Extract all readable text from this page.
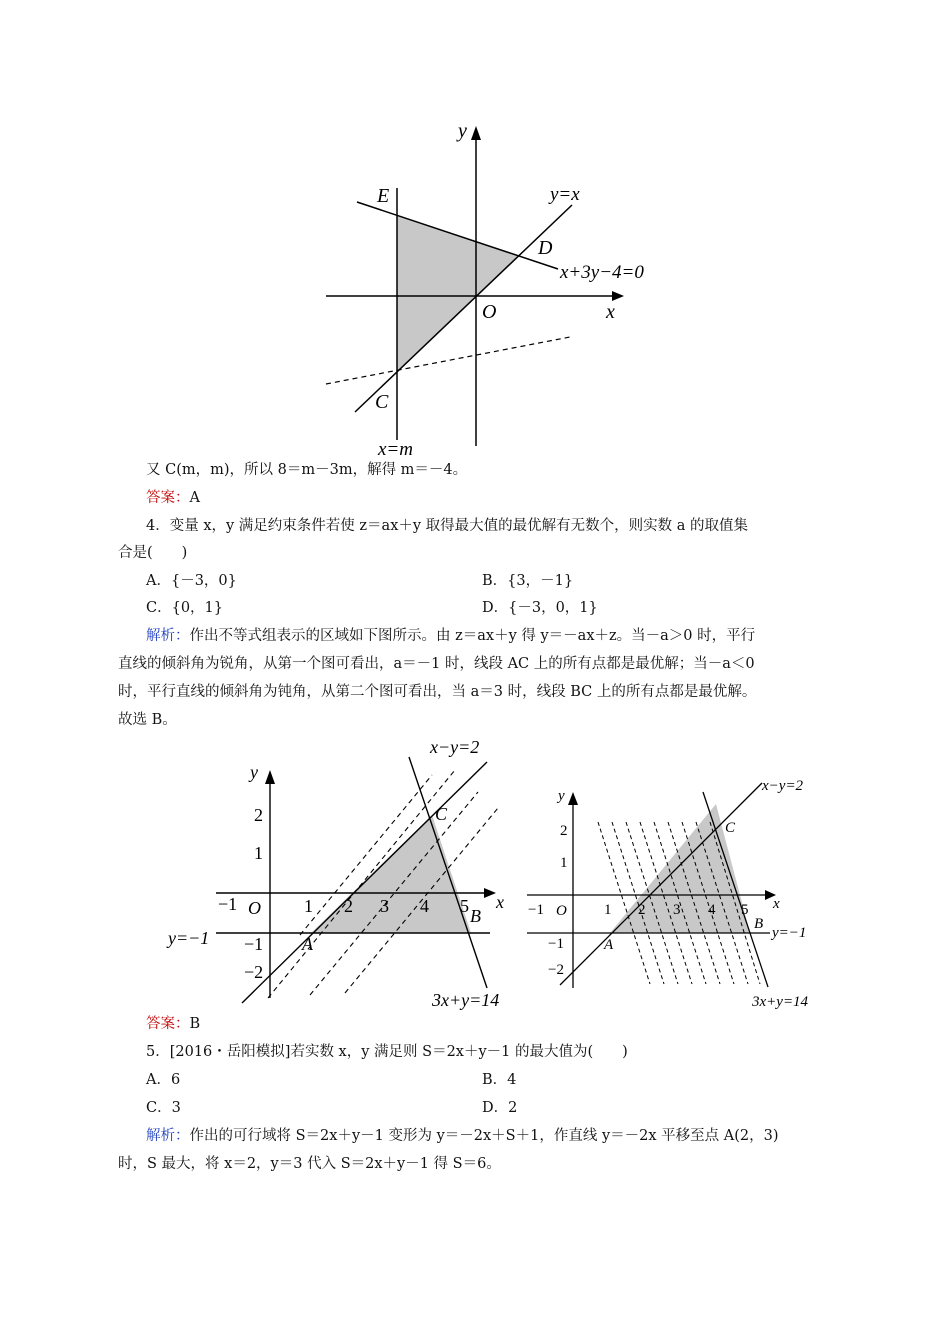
y
x
O
E
D
C
y=x
x+3y−4=0
x=m
又 C(m，m)，所以 8＝m－3m，解得 m＝－4。
答案：A
4．变量 x，y 满足约束条件若使 z＝ax＋y 取得最大值的最优解有无数个，则实数 a 的取值集
合是(　　)
A．{－3，0}	B．{3，－1}
C．{0，1}	D．{－3，0，1}
解析：作出不等式组表示的区域如下图所示。由 z＝ax＋y 得 y＝－ax＋z。当－a＞0 时，平行
直线的倾斜角为锐角，从第一个图可看出，a＝－1 时，线段 AC 上的所有点都是最优解；当－a＜0
时，平行直线的倾斜角为钝角，从第二个图可看出，当 a＝3 时，线段 BC 上的所有点都是最优解。
故选 B。
y
x
O
−1	1 2 3 4 5
2
1
−1
−2
A
B
C
x−y=2
y=−1
3x+y=14
y
x
O
−1	1 2 3 4 5
2
1
−1
−2
A
B
C
x−y=2
y=−1
3x+y=14
答案：B
5．[2016・岳阳模拟]若实数 x，y 满足则 S＝2x＋y－1 的最大值为(　　)
A．6	B．4
C．3	D．2
解析：作出的可行域将 S＝2x＋y－1 变形为 y＝－2x＋S＋1，作直线 y＝－2x 平移至点 A(2，3)
时，S 最大，将 x＝2，y＝3 代入 S＝2x＋y－1 得 S＝6。
